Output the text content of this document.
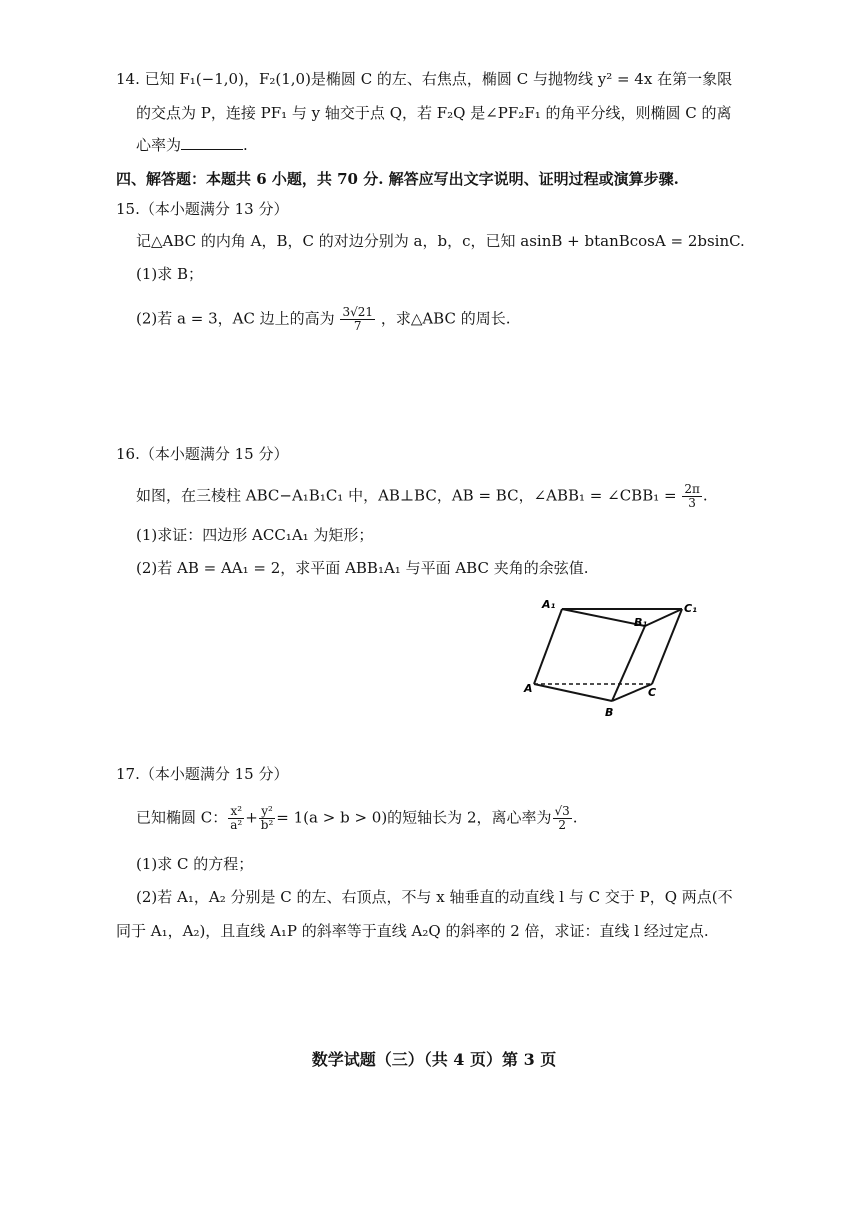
14. 已知 F₁(−1,0)，F₂(1,0)是椭圆 C 的左、右焦点，椭圆 C 与抛物线 y² = 4x 在第一象限
的交点为 P，连接 PF₁ 与 y 轴交于点 Q，若 F₂Q 是∠PF₂F₁ 的角平分线，则椭圆 C 的离
心率为	.
四、解答题：本题共 6 小题，共 70 分. 解答应写出文字说明、证明过程或演算步骤.
15.（本小题满分 13 分）
记△ABC 的内角 A，B，C 的对边分别为 a，b，c，已知 asinB + btanBcosA = 2bsinC.
(1)求 B；
(2)若 a = 3，AC 边上的高为 $\frac{3√21}{7}$ ，求△ABC 的周长.
16.（本小题满分 15 分）
如图，在三棱柱 ABC−A₁B₁C₁ 中，AB⊥BC，AB = BC，∠ABB₁ = ∠CBB₁ = $\frac{2\pi}{3}$ .
(1)求证：四边形 ACC₁A₁ 为矩形；
(2)若 AB = AA₁ = 2，求平面 ABB₁A₁ 与平面 ABC 夹角的余弦值.
A₁
B₁
C₁
A
B
C
17.（本小题满分 15 分）
已知椭圆 C： $\frac{\text{x²}}{\text{a²}} + \frac{\text{y²}}{\text{b²}} = 1(a > b > 0)$的短轴长为 2，离心率为 $\frac{√3}{2}$ .
(1)求 C 的方程；
(2)若 A₁，A₂ 分别是 C 的左、右顶点，不与 x 轴垂直的动直线 l 与 C 交于 P，Q 两点(不
同于 A₁，A₂)，且直线 A₁P 的斜率等于直线 A₂Q 的斜率的 2 倍，求证：直线 l 经过定点.
数学试题（三）（共 4 页）第 3 页
